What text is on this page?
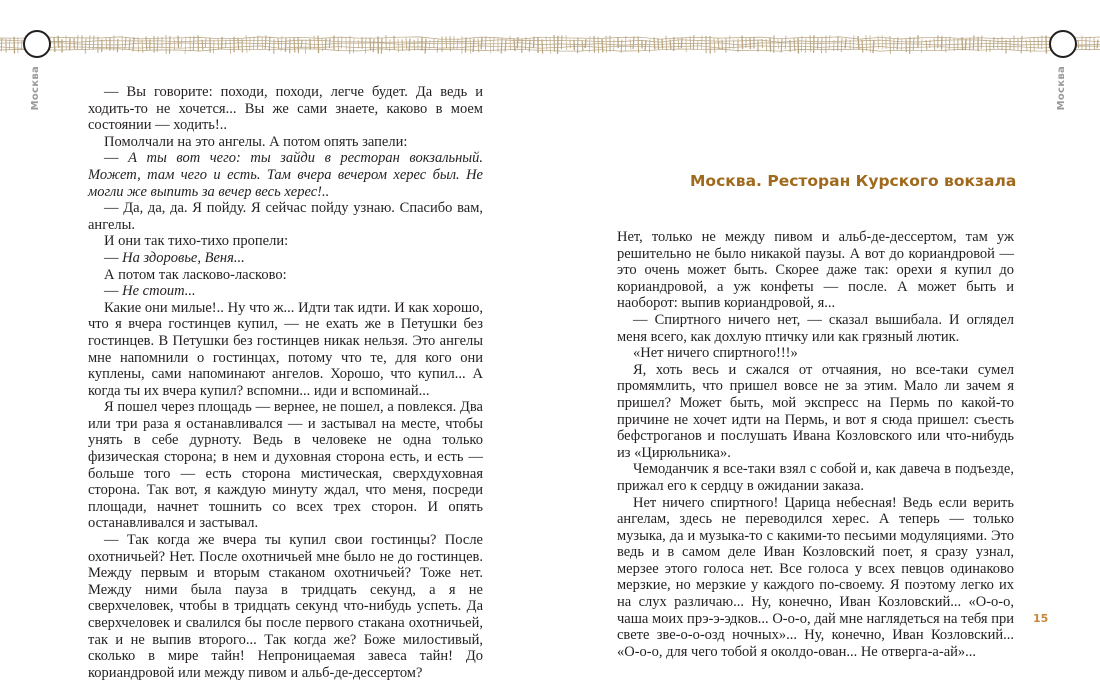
Москва	Москва

— Вы говорите: походи, походи, легче будет. Да ведь и ходить-то не хочется... Вы же сами знаете, каково в моем состоянии — ходить!..

Помолчали на это ангелы. А потом опять запели:

— А ты вот чего: ты зайди в ресторан вокзальный. Может, там чего и есть. Там вчера вечером херес был. Не могли же выпить за вечер весь херес!..

— Да, да, да. Я пойду. Я сейчас пойду узнаю. Спасибо вам, ангелы.

И они так тихо-тихо пропели:

— На здоровье, Веня...

А потом так ласково-ласково:

— Не стоит...

Какие они милые!.. Ну что ж... Идти так идти. И как хорошо, что я вчера гостинцев купил, — не ехать же в Петушки без гостинцев. В Петушки без гостинцев никак нельзя. Это ангелы мне напомнили о гостинцах, потому что те, для кого они куплены, сами напоминают ангелов. Хорошо, что купил... А когда ты их вчера купил? вспомни... иди и вспоминай...

Я пошел через площадь — вернее, не пошел, а повлекся. Два или три раза я останавливался — и застывал на месте, чтобы унять в себе дурноту. Ведь в человеке не одна только физическая сторона; в нем и духовная сторона есть, и есть — больше того — есть сторона мистическая, сверхдуховная сторона. Так вот, я каждую минуту ждал, что меня, посреди площади, начнет тошнить со всех трех сторон. И опять останавливался и застывал.

— Так когда же вчера ты купил свои гостинцы? После охотничьей? Нет. После охотничьей мне было не до гостинцев. Между первым и вторым стаканом охотничьей? Тоже нет. Между ними была пауза в тридцать секунд, а я не сверхчеловек, чтобы в тридцать секунд что-нибудь успеть. Да сверхчеловек и свалился бы после первого стакана охотничьей, так и не выпив второго... Так когда же? Боже милостивый, сколько в мире тайн! Непроницаемая завеса тайн! До кориандровой или между пивом и альб-де-дессертом?

Москва. Ресторан Курского вокзала

Нет, только не между пивом и альб-де-дессертом, там уж решительно не было никакой паузы. А вот до кориандровой — это очень может быть. Скорее даже так: орехи я купил до кориандровой, а уж конфеты — после. А может быть и наоборот: выпив кориандровой, я...

— Спиртного ничего нет, — сказал вышибала. И оглядел меня всего, как дохлую птичку или как грязный лютик.

«Нет ничего спиртного!!!»

Я, хоть весь и сжался от отчаяния, но все-таки сумел промямлить, что пришел вовсе не за этим. Мало ли зачем я пришел? Может быть, мой экспресс на Пермь по какой-то причине не хочет идти на Пермь, и вот я сюда пришел: съесть бефстроганов и послушать Ивана Козловского или что-нибудь из «Цирюльника».

Чемоданчик я все-таки взял с собой и, как давеча в подъезде, прижал его к сердцу в ожидании заказа.

Нет ничего спиртного! Царица небесная! Ведь если верить ангелам, здесь не переводился херес. А теперь — только музыка, да и музыка-то с какими-то песьими модуляциями. Это ведь и в самом деле Иван Козловский поет, я сразу узнал, мерзее этого голоса нет. Все голоса у всех певцов одинаково мерзкие, но мерзкие у каждого по-своему. Я поэтому легко их на слух различаю... Ну, конечно, Иван Козловский... «О-о-о, чаша моих прэ-э-эдков... О-о-о, дай мне наглядеться на тебя при свете зве-о-о-озд ночных»... Ну, конечно, Иван Козловский... «О-о-о, для чего тобой я околдо-ован... Не отверга-а-ай»...

15
